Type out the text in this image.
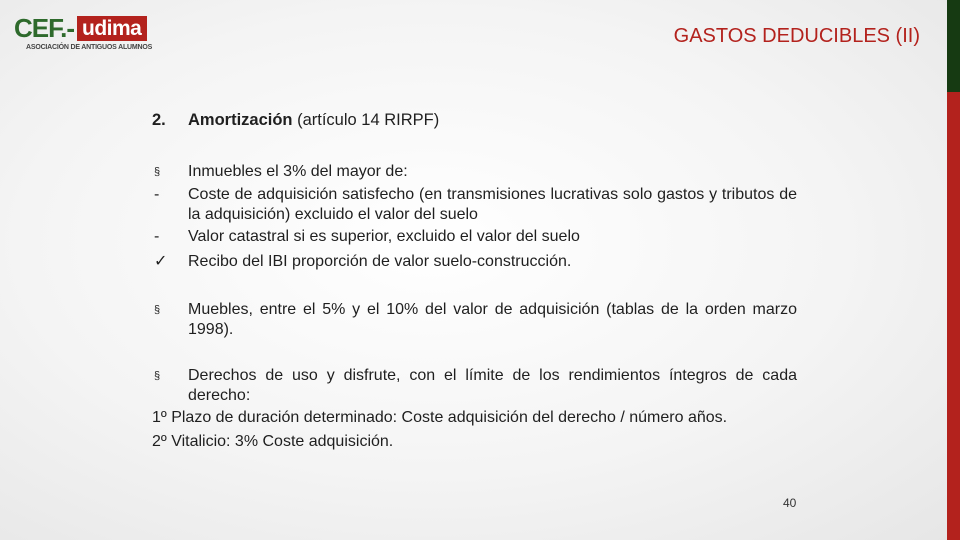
CEF.- udima
ASOCIACIÓN DE ANTIGUOS ALUMNOS
GASTOS DEDUCIBLES (II)
2. Amortización (artículo 14 RIRPF)
§	Inmuebles el 3% del mayor de:
-	Coste de adquisición satisfecho (en transmisiones lucrativas solo gastos y tributos de la adquisición) excluido el valor del suelo
-	Valor catastral si es superior, excluido el valor del suelo
✓	Recibo del IBI proporción de valor suelo-construcción.
§	Muebles, entre el 5% y el 10% del valor de adquisición (tablas de la orden marzo 1998).
§	Derechos de uso y disfrute, con el límite de los rendimientos íntegros de cada derecho:
1º Plazo de duración determinado: Coste adquisición del derecho / número años.
2º Vitalicio: 3% Coste adquisición.
40
